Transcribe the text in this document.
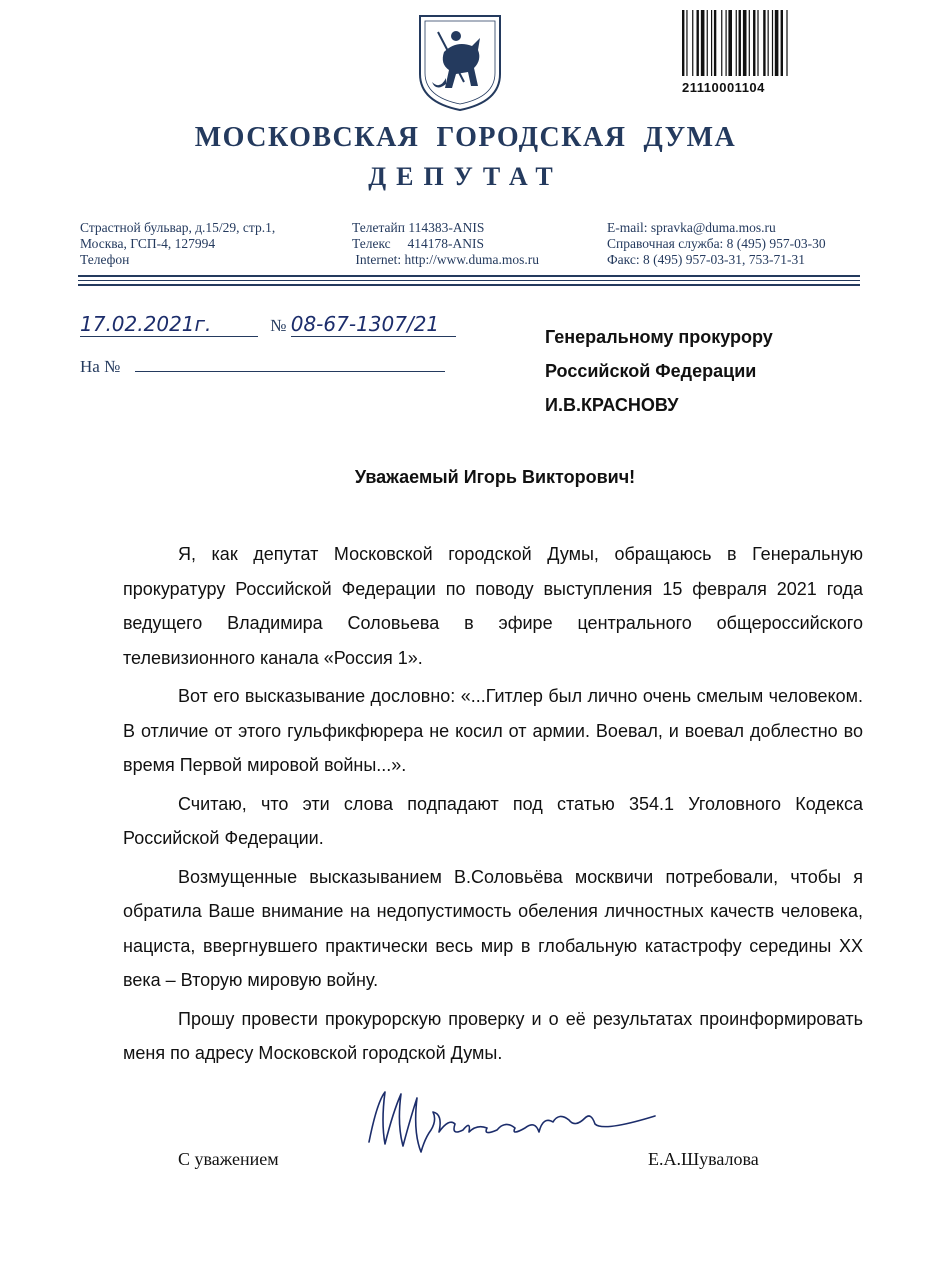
21110001104
МОСКОВСКАЯ  ГОРОДСКАЯ  ДУМА
ДЕПУТАТ
Страстной бульвар, д.15/29, стр.1,
Москва, ГСП-4, 127994
Телефон
Телетайп 114383-ANIS
Телекс     414178-ANIS
Internet: http://www.duma.mos.ru
E-mail: spravka@duma.mos.ru
Справочная служба: 8 (495) 957-03-30
Факс: 8 (495) 957-03-31, 753-71-31
17.02.2021г.	№ 08-67-1307/21
На №
Генеральному прокурору
Российской Федерации
И.В.КРАСНОВУ
Уважаемый Игорь Викторович!

Я, как депутат Московской городской Думы, обращаюсь в Генеральную прокуратуру Российской Федерации по поводу выступления 15 февраля 2021 года ведущего Владимира Соловьева в эфире центрального общероссийского телевизионного канала «Россия 1».

Вот его высказывание дословно: «...Гитлер был лично очень смелым человеком. В отличие от этого гульфикфюрера не косил от армии. Воевал, и воевал доблестно во время Первой мировой войны...».

Считаю, что эти слова подпадают под статью 354.1 Уголовного Кодекса Российской Федерации.

Возмущенные высказыванием В.Соловьёва москвичи потребовали, чтобы я обратила Ваше внимание на недопустимость обеления личностных качеств человека, нациста, ввергнувшего практически весь мир в глобальную катастрофу середины XX века – Вторую мировую войну.

Прошу провести прокурорскую проверку и о её результатах проинформировать меня по адресу Московской городской Думы.

С уважением	Е.А.Шувалова
